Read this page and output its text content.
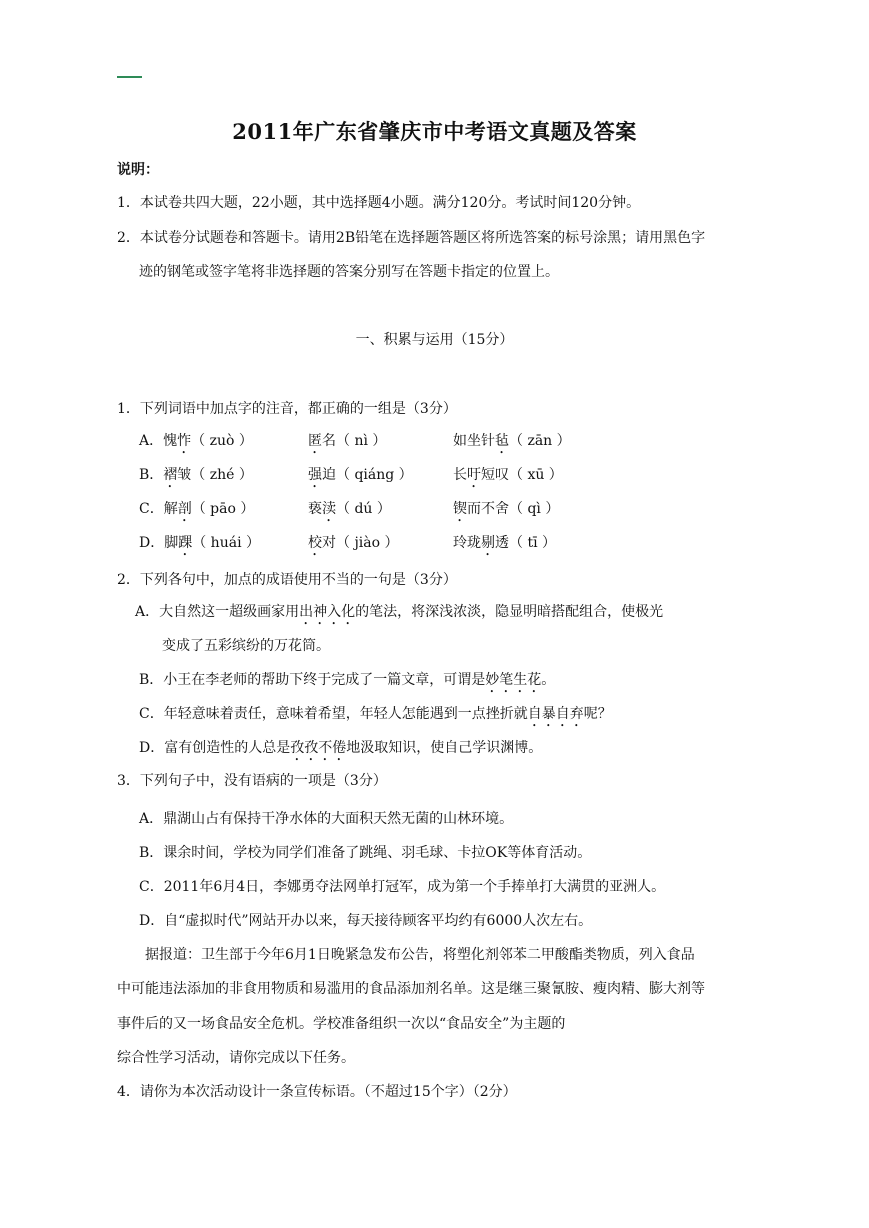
2011年广东省肇庆市中考语文真题及答案
说明：
1．本试卷共四大题，22小题，其中选择题4小题。满分120分。考试时间120分钟。
2．本试卷分试题卷和答题卡。请用2B铅笔在选择题答题区将所选答案的标号涂黑；请用黑色字
迹的钢笔或签字笔将非选择题的答案分别写在答题卡指定的位置上。
一、积累与运用（15分）
1．下列词语中加点字的注音，都正确的一组是（3分）
A．愧怍（ zuò ）	匿名（ nì ）	如坐针毡（ zān ）
B．褶皱（ zhé ）	强迫（ qiáng ）	长吁短叹（ xū ）
C．解剖（ pāo ）	亵渎（ dú ）	锲而不舍（ qì ）
D．脚踝（ huái ）	校对（ jiào ）	玲珑剔透（ tī ）
2．下列各句中，加点的成语使用不当的一句是（3分）
A．大自然这一超级画家用出神入化的笔法，将深浅浓淡，隐显明暗搭配组合，使极光
变成了五彩缤纷的万花筒。
B．小王在李老师的帮助下终于完成了一篇文章，可谓是妙笔生花。
C．年轻意味着责任，意味着希望，年轻人怎能遇到一点挫折就自暴自弃呢？
D．富有创造性的人总是孜孜不倦地汲取知识，使自己学识渊博。
3．下列句子中，没有语病的一项是（3分）
A．鼎湖山占有保持干净水体的大面积天然无菌的山林环境。
B．课余时间，学校为同学们准备了跳绳、羽毛球、卡拉OK等体育活动。
C．2011年6月4日，李娜勇夺法网单打冠军，成为第一个手捧单打大满贯的亚洲人。
D．自“虚拟时代”网站开办以来，每天接待顾客平均约有6000人次左右。
据报道：卫生部于今年6月1日晚紧急发布公告，将塑化剂邻苯二甲酸酯类物质，列入食品
中可能违法添加的非食用物质和易滥用的食品添加剂名单。这是继三聚氰胺、瘦肉精、膨大剂等
事件后的又一场食品安全危机。学校准备组织一次以“食品安全”为主题的
综合性学习活动，请你完成以下任务。
4．请你为本次活动设计一条宣传标语。（不超过15个字）（2分）
